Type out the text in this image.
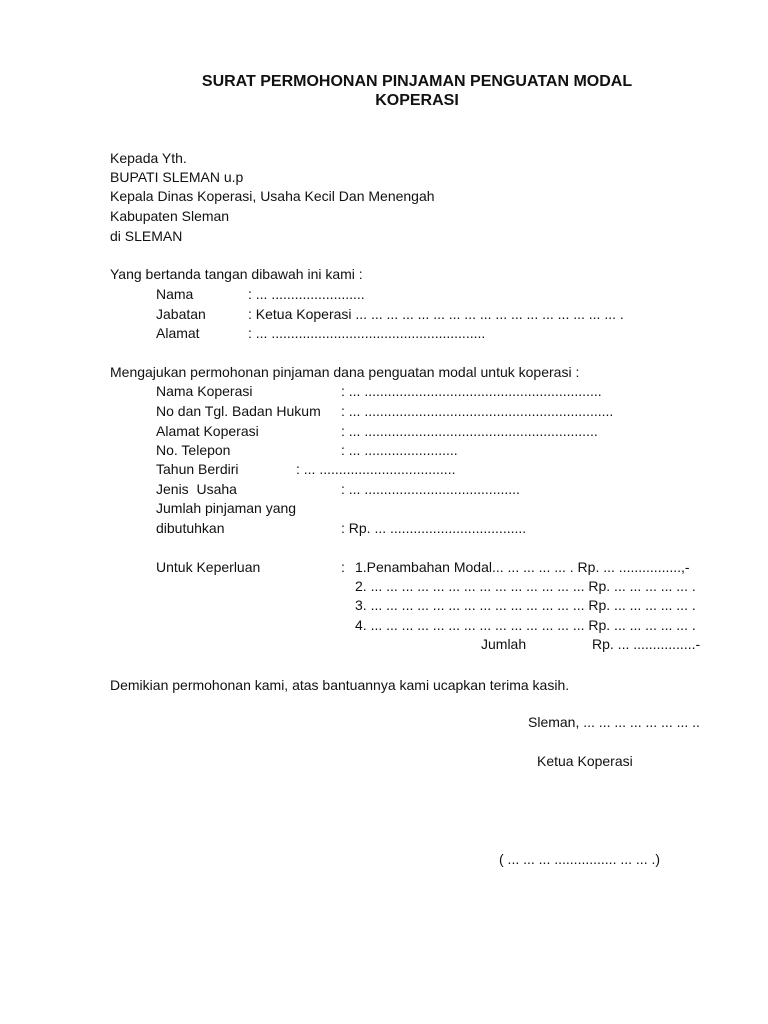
SURAT PERMOHONAN PINJAMAN PENGUATAN MODAL
KOPERASI
Kepada Yth.
BUPATI SLEMAN u.p
Kepala Dinas Koperasi, Usaha Kecil Dan Menengah
Kabupaten Sleman
di SLEMAN
Yang bertanda tangan dibawah ini kami :
Nama	: ... ........................
Jabatan	: Ketua Koperasi ... ... ... ... ... ... ... ... ... ... ... ... ... ... ... ... ... .
Alamat	: ... .......................................................
Mengajukan permohonan pinjaman dana penguatan modal untuk koperasi :
Nama Koperasi	: ... .............................................................
No dan Tgl. Badan Hukum : ... ................................................................
Alamat Koperasi	: ... ............................................................
No. Telepon	: ... ........................
Tahun Berdiri	: ... ...................................
Jenis  Usaha	: ... ........................................
Jumlah pinjaman yang
dibutuhkan	: Rp. ... ...................................
Untuk Keperluan	: 1.Penambahan Modal... ... ... ... ... . Rp. ... ................,-
2. ... ... ... ... ... ... ... ... ... ... ... ... ... ... Rp. ... ... ... ... ... .
3. ... ... ... ... ... ... ... ... ... ... ... ... ... ... Rp. ... ... ... ... ... .
4. ... ... ... ... ... ... ... ... ... ... ... ... ... ... Rp. ... ... ... ... ... .
Jumlah	Rp. ... ................-
Demikian permohonan kami, atas bantuannya kami ucapkan terima kasih.
Sleman, ... ... ... ... ... ... ... ..
Ketua Koperasi
( ... ... ... ................ ... ... .)
